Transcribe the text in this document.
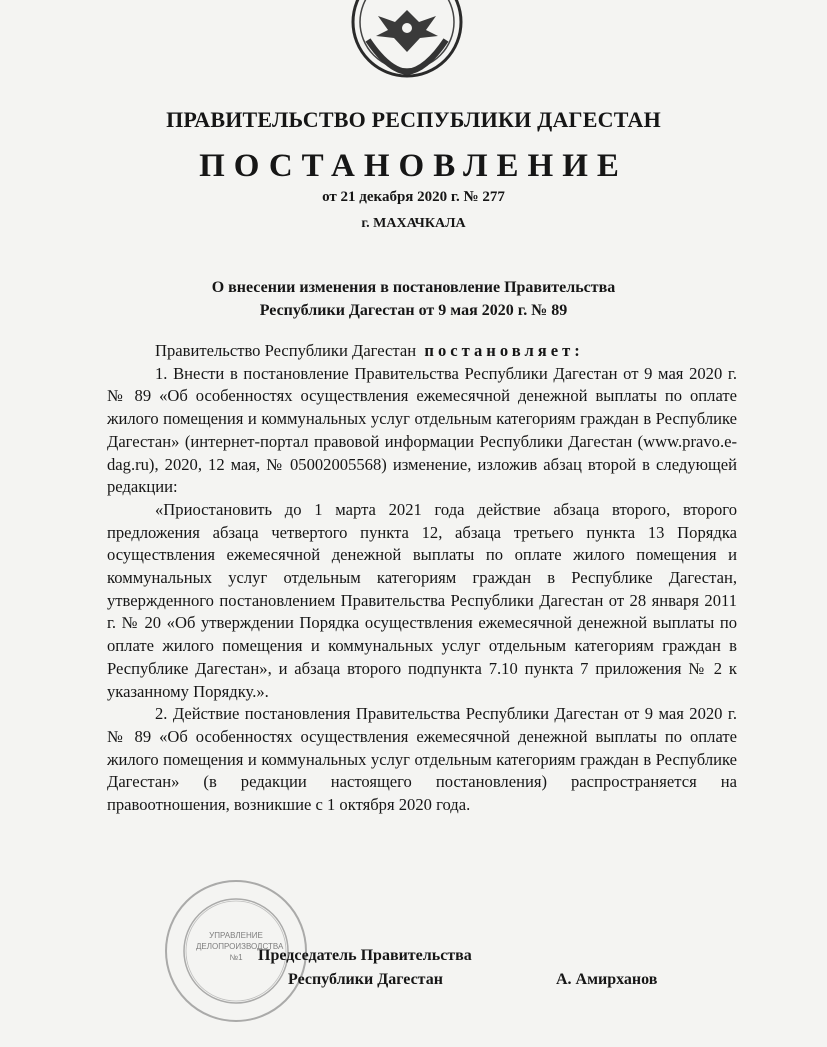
ПРАВИТЕЛЬСТВО РЕСПУБЛИКИ ДАГЕСТАН
ПОСТАНОВЛЕНИЕ
от 21 декабря 2020 г. № 277
г. МАХАЧКАЛА
О внесении изменения в постановление Правительства
Республики Дагестан от 9 мая 2020 г. № 89

Правительство Республики Дагестан постановляет:

1. Внести в постановление Правительства Республики Дагестан от 9 мая 2020 г. № 89 «Об особенностях осуществления ежемесячной денежной выплаты по оплате жилого помещения и коммунальных услуг отдельным категориям граждан в Республике Дагестан» (интернет-портал правовой информации Республики Дагестан (www.pravo.e-dag.ru), 2020, 12 мая, № 05002005568) изменение, изложив абзац второй в следующей редакции:

«Приостановить до 1 марта 2021 года действие абзаца второго, второго предложения абзаца четвертого пункта 12, абзаца третьего пункта 13 Порядка осуществления ежемесячной денежной выплаты по оплате жилого помещения и коммунальных услуг отдельным категориям граждан в Республике Дагестан, утвержденного постановлением Правительства Республики Дагестан от 28 января 2011 г. № 20 «Об утверждении Порядка осуществления ежемесячной денежной выплаты по оплате жилого помещения и коммунальных услуг отдельным категориям граждан в Республике Дагестан», и абзаца второго подпункта 7.10 пункта 7 приложения № 2 к указанному Порядку.».

2. Действие постановления Правительства Республики Дагестан от 9 мая 2020 г. № 89 «Об особенностях осуществления ежемесячной денежной выплаты по оплате жилого помещения и коммунальных услуг отдельным категориям граждан в Республике Дагестан» (в редакции настоящего постановления) распространяется на правоотношения, возникшие с 1 октября 2020 года.

УПРАВЛЕНИЕ
ДЕЛОПРОИЗВОДСТВА
№1 Председатель Правительства
Республики Дагестан	А. Амирханов
